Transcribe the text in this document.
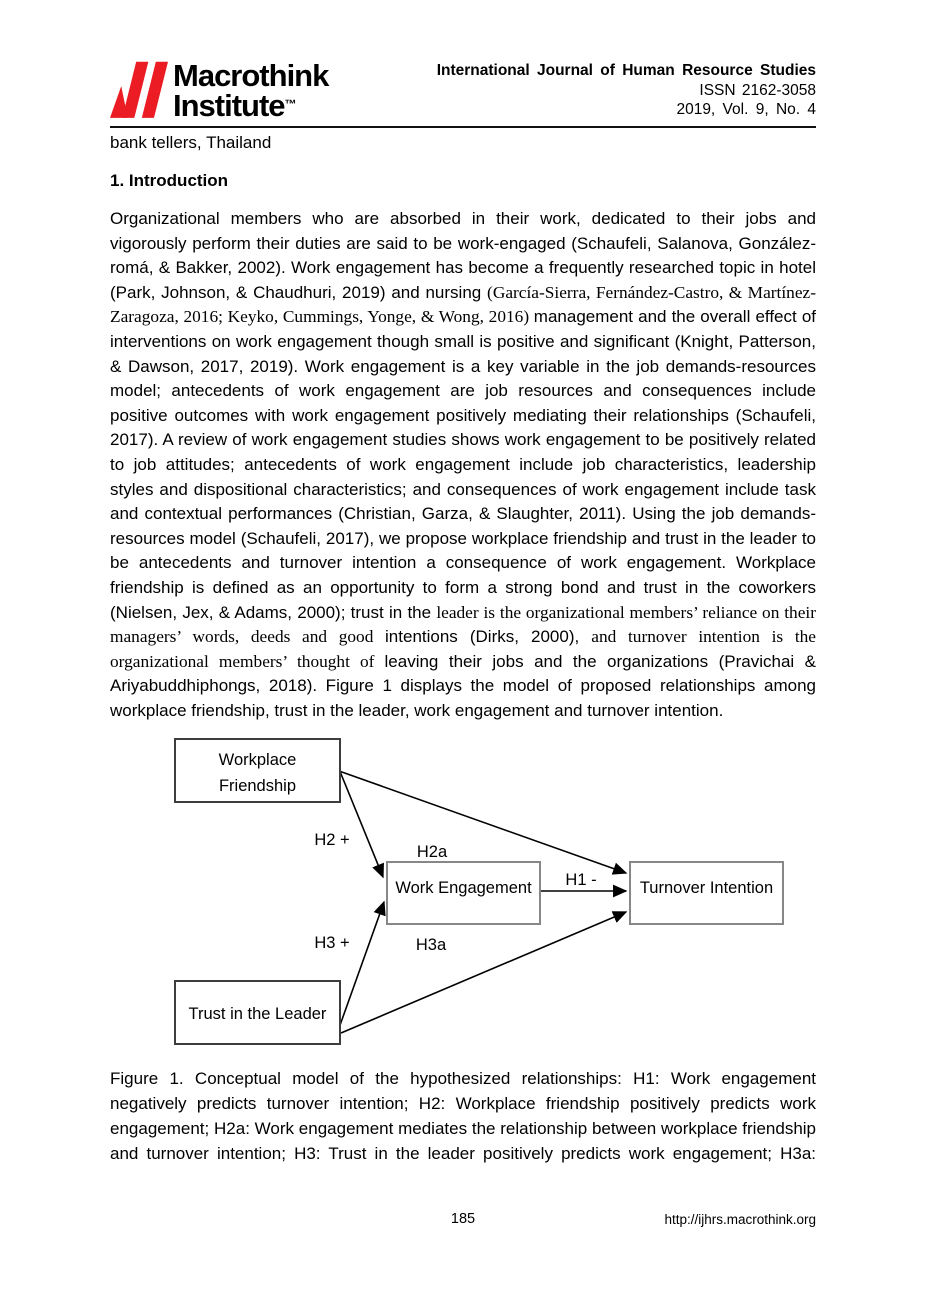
Macrothink
Institute™
International Journal of Human Resource Studies
ISSN 2162-3058
2019, Vol. 9, No. 4

bank tellers, Thailand

1. Introduction

Organizational members who are absorbed in their work, dedicated to their jobs and vigorously perform their duties are said to be work-engaged (Schaufeli, Salanova, González-romá, & Bakker, 2002). Work engagement has become a frequently researched topic in hotel (Park, Johnson, & Chaudhuri, 2019) and nursing (García-Sierra, Fernández-Castro, & Martínez-Zaragoza, 2016; Keyko, Cummings, Yonge, & Wong, 2016) management and the overall effect of interventions on work engagement though small is positive and significant (Knight, Patterson, & Dawson, 2017, 2019). Work engagement is a key variable in the job demands-resources model; antecedents of work engagement are job resources and consequences include positive outcomes with work engagement positively mediating their relationships (Schaufeli, 2017). A review of work engagement studies shows work engagement to be positively related to job attitudes; antecedents of work engagement include job characteristics, leadership styles and dispositional characteristics; and consequences of work engagement include task and contextual performances (Christian, Garza, & Slaughter, 2011). Using the job demands-resources model (Schaufeli, 2017), we propose workplace friendship and trust in the leader to be antecedents and turnover intention a consequence of work engagement. Workplace friendship is defined as an opportunity to form a strong bond and trust in the coworkers (Nielsen, Jex, & Adams, 2000); trust in the leader is the organizational members’ reliance on their managers’ words, deeds and good intentions (Dirks, 2000), and turnover intention is the organizational members’ thought of leaving their jobs and the organizations (Pravichai & Ariyabuddhiphongs, 2018). Figure 1 displays the model of proposed relationships among workplace friendship, trust in the leader, work engagement and turnover intention.

Workplace
Friendship
Trust in the Leader
Work Engagement	Turnover Intention
H2 +
H2a
H1 -
H3 +	H3a

Figure 1. Conceptual model of the hypothesized relationships: H1: Work engagement negatively predicts turnover intention; H2: Workplace friendship positively predicts work engagement; H2a: Work engagement mediates the relationship between workplace friendship and turnover intention; H3: Trust in the leader positively predicts work engagement; H3a:

185	http://ijhrs.macrothink.org
